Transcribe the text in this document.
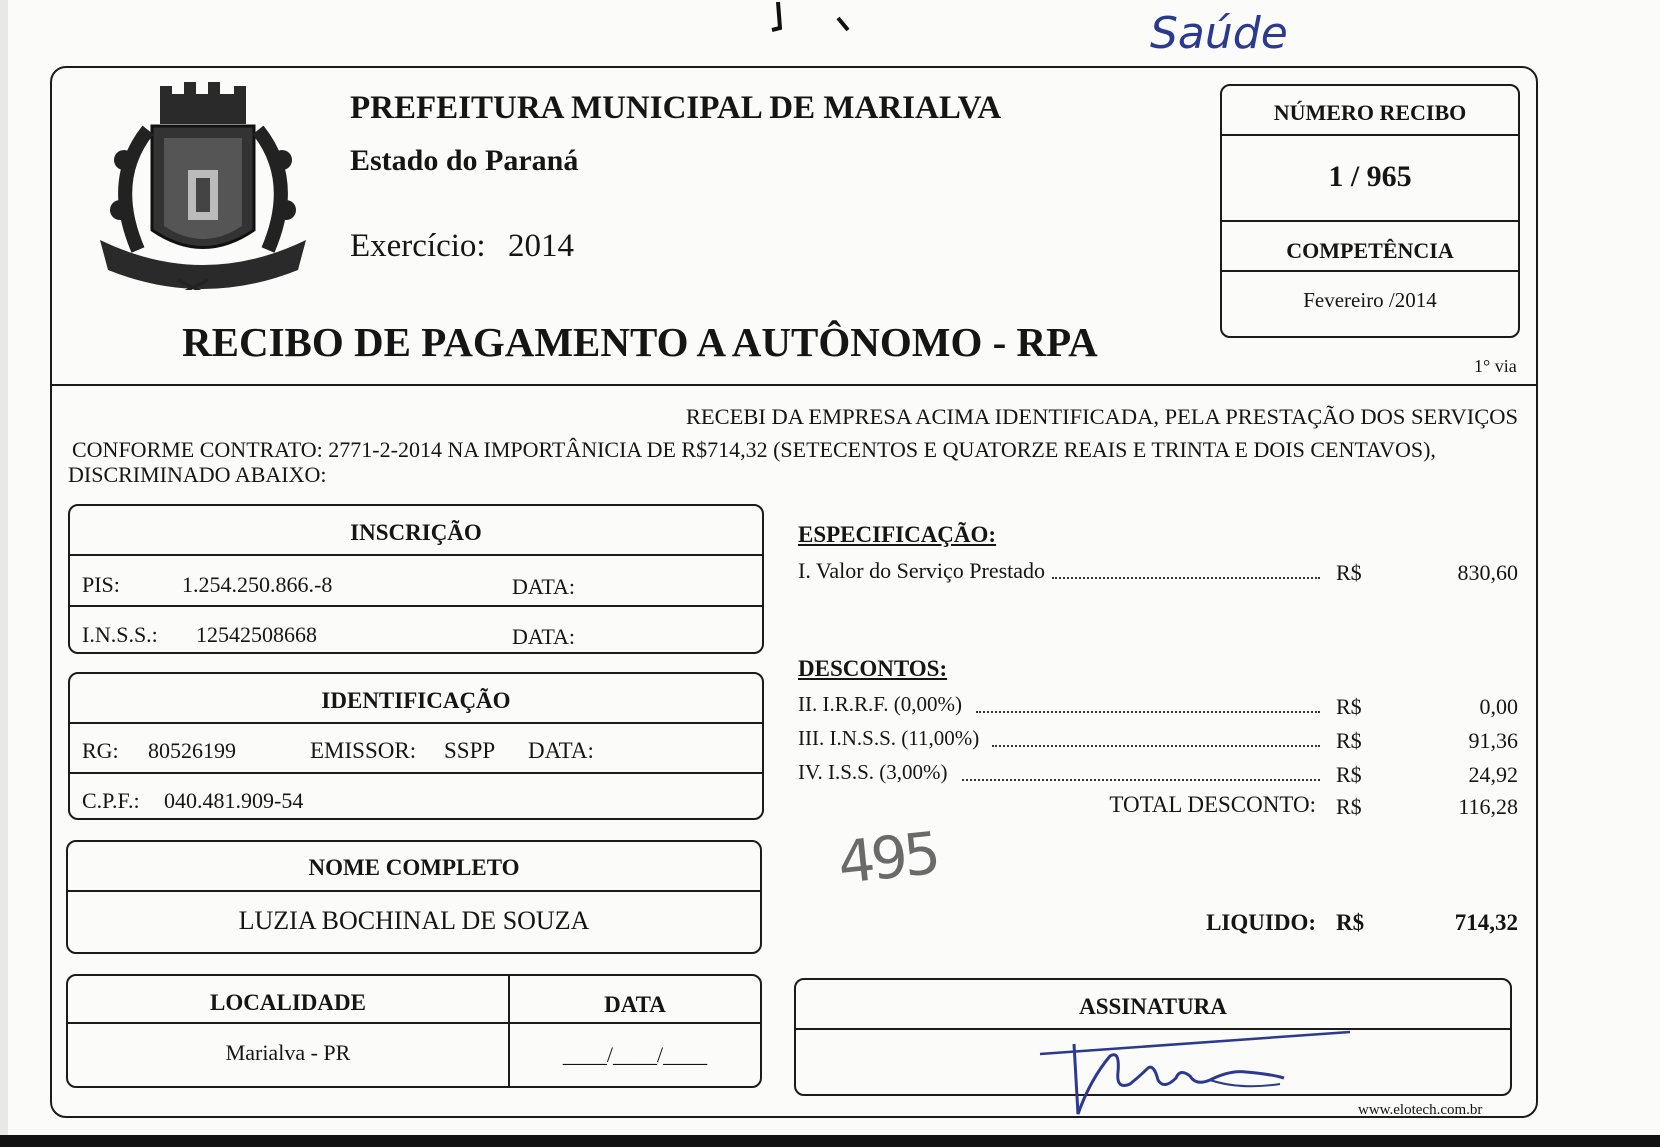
Saúde
PREFEITURA MUNICIPAL DE MARIALVA
Estado do Paraná
Exercício: 2014
RECIBO DE PAGAMENTO A AUTÔNOMO - RPA
NÚMERO RECIBO
1 / 965
COMPETÊNCIA
Fevereiro /2014
1° via
RECEBI DA EMPRESA ACIMA IDENTIFICADA, PELA PRESTAÇÃO DOS SERVIÇOS
CONFORME CONTRATO: 2771-2-2014 NA IMPORTÂNICIA DE R$714,32 (SETECENTOS E QUATORZE REAIS E TRINTA E DOIS CENTAVOS),
DISCRIMINADO ABAIXO:
INSCRIÇÃO
PIS:	1.254.250.866.-8	DATA:
I.N.S.S.: 12542508668	DATA:
IDENTIFICAÇÃO
RG: 80526199	EMISSOR: SSPP DATA:
C.P.F.: 040.481.909-54
NOME COMPLETO
LUZIA BOCHINAL DE SOUZA
LOCALIDADE	DATA
Marialva - PR	____/____/____
ESPECIFICAÇÃO:
I. Valor do Serviço Prestado	R$	830,60
DESCONTOS:
II. I.R.R.F. (0,00%)	R$	0,00
III. I.N.S.S. (11,00%)	R$	91,36
IV. I.S.S. (3,00%)	R$	24,92
TOTAL DESCONTO: R$	116,28
495
LIQUIDO: R$	714,32
ASSINATURA
www.elotech.com.br
